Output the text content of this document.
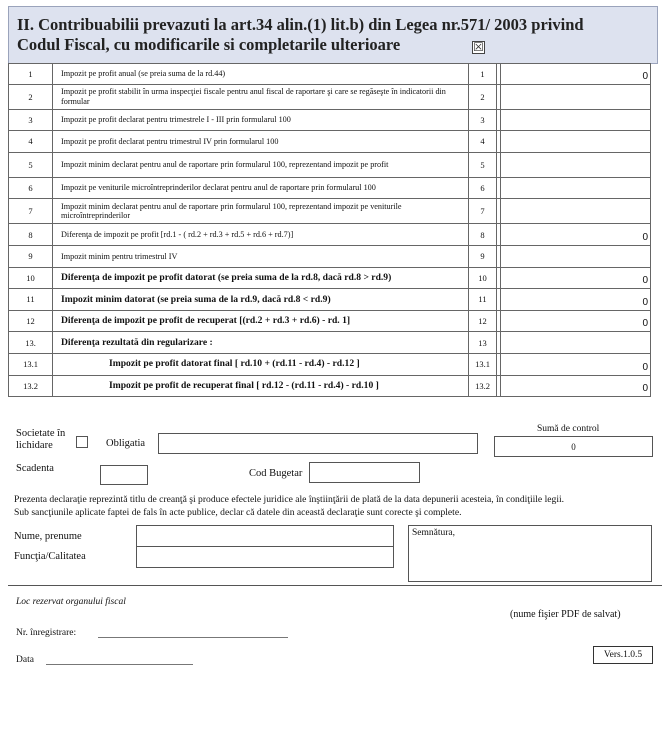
II. Contribuabilii prevazuti la art.34 alin.(1) lit.b) din Legea nr.571/ 2003 privind
Codul Fiscal, cu modificarile si completarile ulterioare	☒
1	Impozit pe profit anual (se preia suma de la rd.44)	1	0
2	Impozit pe profit stabilit în urma inspecţiei fiscale pentru anul fiscal de raportare şi care se regăseşte în indicatorii din formular	2
3	Impozit pe profit declarat pentru trimestrele I - III prin formularul 100	3
4	Impozit pe profit declarat pentru trimestrul IV prin formularul 100	4
5	Impozit minim declarat pentru anul de raportare prin formularul 100, reprezentand impozit pe profit	5
6	Impozit pe veniturile microîntreprinderilor declarat pentru anul de raportare prin formularul 100	6
7	Impozit minim declarat pentru anul de raportare prin formularul 100, reprezentand impozit pe veniturile microîntreprinderilor	7
8	Diferenţa de impozit pe profit [rd.1 - ( rd.2 + rd.3 + rd.5 + rd.6 + rd.7)]	8	0
9	Impozit minim pentru trimestrul IV	9
10	Diferenţa de impozit pe profit datorat (se preia suma de la rd.8, dacă rd.8 > rd.9)	10	0
11	Impozit minim datorat (se preia suma de la rd.9, dacă rd.8 < rd.9)	11	0
12	Diferenţa de impozit pe profit de recuperat [(rd.2 + rd.3 + rd.6) - rd. 1]	12	0
13.	Diferenţa rezultată din regularizare :	13
13.1	Impozit pe profit datorat final [ rd.10 + (rd.11 - rd.4) - rd.12 ]	13.1	0
13.2	Impozit pe profit de recuperat final [ rd.12 - (rd.11 - rd.4) - rd.10 ]	13.2	0
Societate în lichidare	Obligatia
Sumă de control
0
Scadenta	Cod Bugetar
Prezenta declaraţie reprezintă titlu de creanţă şi produce efectele juridice ale înştiinţării de plată de la data depunerii acesteia, în condiţiile legii.
Sub sancţiunile aplicate faptei de fals în acte publice, declar că datele din această declaraţie sunt corecte şi complete.
Nume, prenume
Funcţia/Calitatea
Semnătura,
Loc rezervat organului fiscal
(nume fişier PDF de salvat)
Nr. înregistrare:
Data	Vers.1.0.5
